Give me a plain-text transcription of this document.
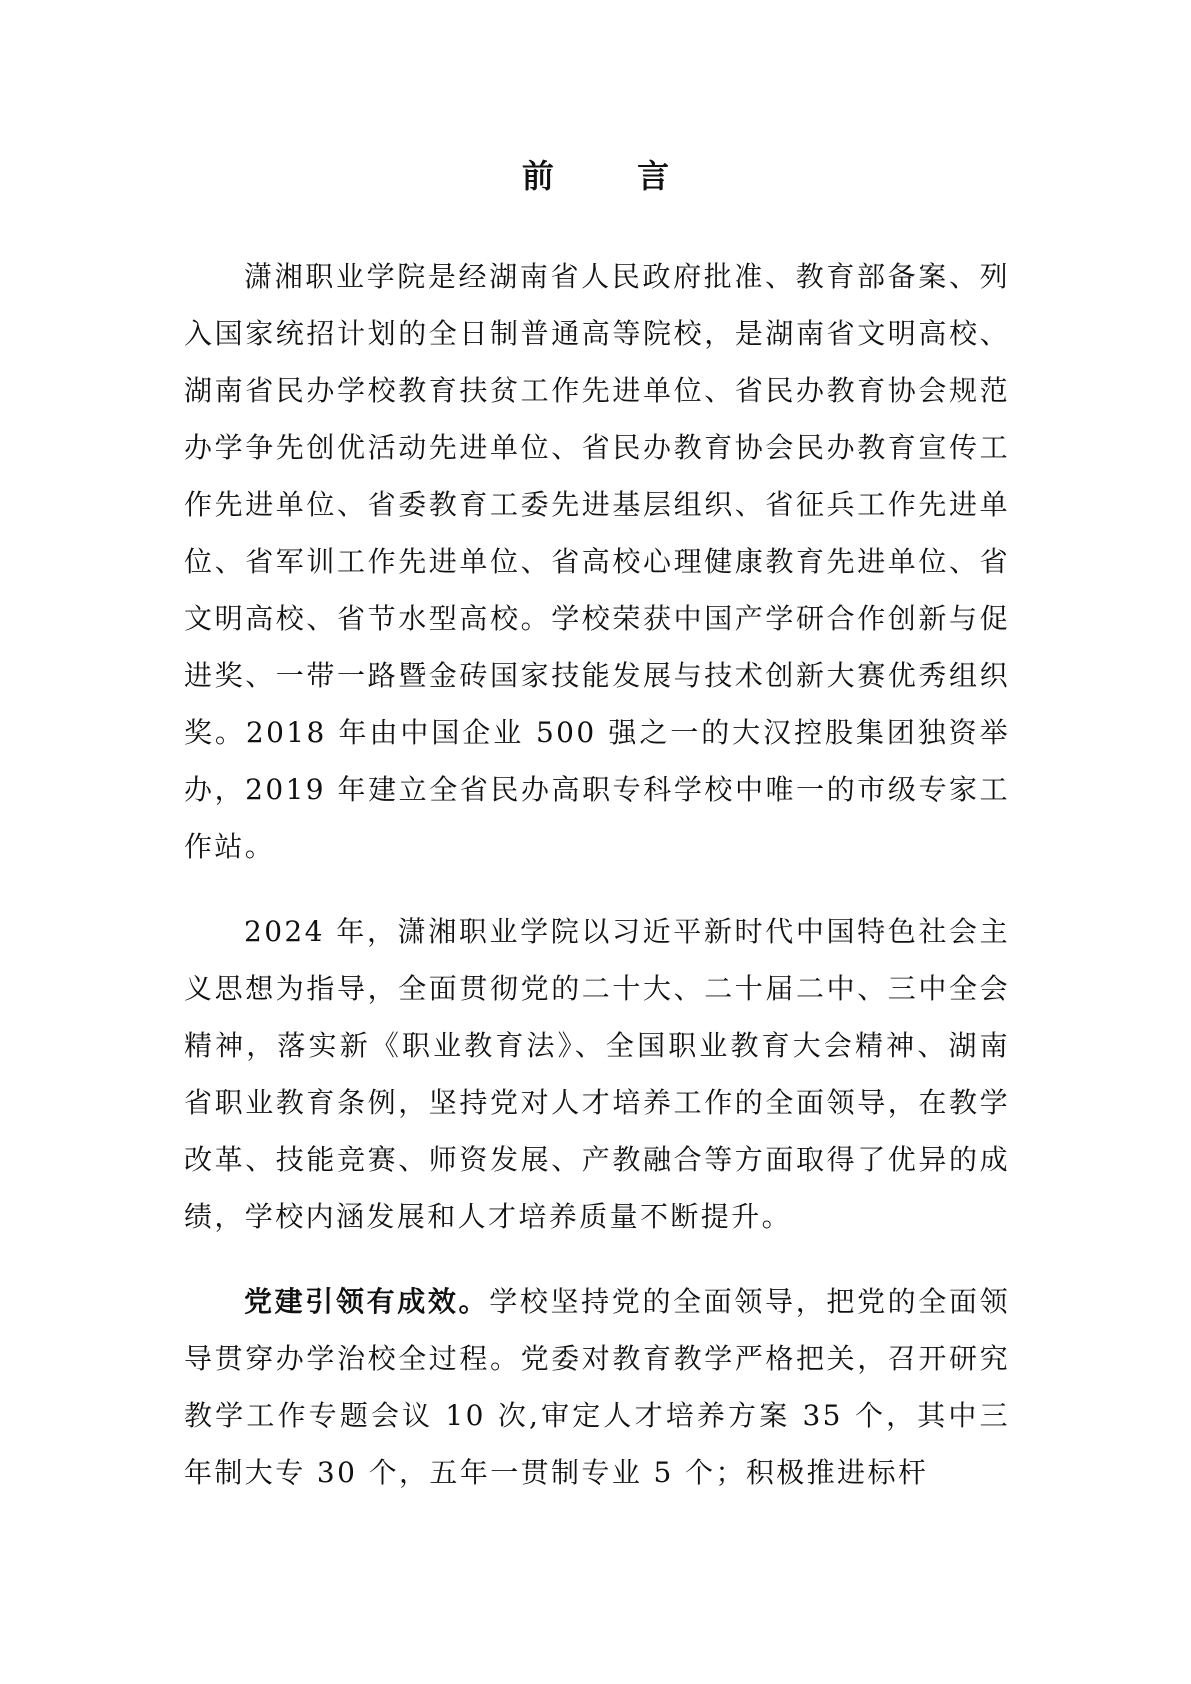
前 言

潇湘职业学院是经湖南省人民政府批准、教育部备案、列入国家统招计划的全日制普通高等院校，是湖南省文明高校、湖南省民办学校教育扶贫工作先进单位、省民办教育协会规范办学争先创优活动先进单位、省民办教育协会民办教育宣传工作先进单位、省委教育工委先进基层组织、省征兵工作先进单位、省军训工作先进单位、省高校心理健康教育先进单位、省文明高校、省节水型高校。学校荣获中国产学研合作创新与促进奖、一带一路暨金砖国家技能发展与技术创新大赛优秀组织奖。2018 年由中国企业 500 强之一的大汉控股集团独资举办，2019 年建立全省民办高职专科学校中唯一的市级专家工作站。

2024 年，潇湘职业学院以习近平新时代中国特色社会主义思想为指导，全面贯彻党的二十大、二十届二中、三中全会精神，落实新《职业教育法》、全国职业教育大会精神、湖南省职业教育条例，坚持党对人才培养工作的全面领导，在教学改革、技能竞赛、师资发展、产教融合等方面取得了优异的成绩，学校内涵发展和人才培养质量不断提升。

党建引领有成效。学校坚持党的全面领导，把党的全面领导贯穿办学治校全过程。党委对教育教学严格把关，召开研究教学工作专题会议 10 次,审定人才培养方案 35 个，其中三年制大专 30 个，五年一贯制专业 5 个；积极推进标杆
